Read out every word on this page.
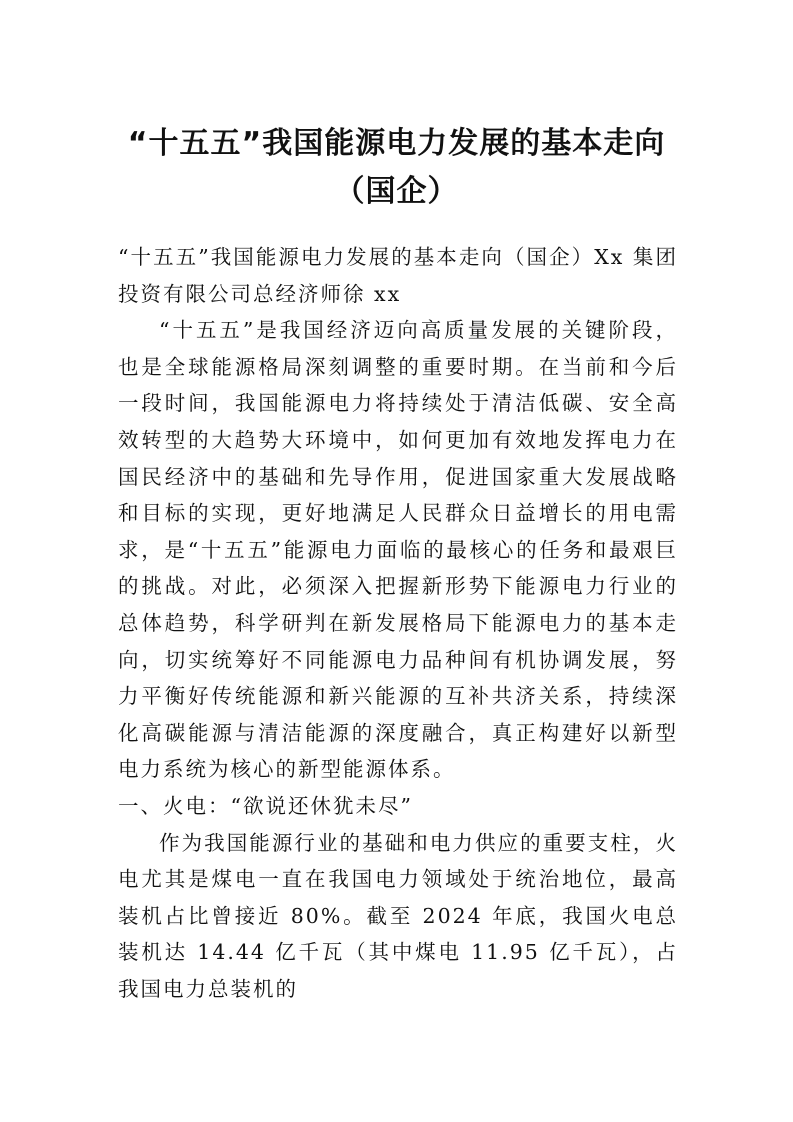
“十五五”我国能源电力发展的基本走向
（国企）

“十五五”我国能源电力发展的基本走向（国企）Xx 集团投资有限公司总经济师徐 xx

“十五五”是我国经济迈向高质量发展的关键阶段，也是全球能源格局深刻调整的重要时期。在当前和今后一段时间，我国能源电力将持续处于清洁低碳、安全高效转型的大趋势大环境中，如何更加有效地发挥电力在国民经济中的基础和先导作用，促进国家重大发展战略和目标的实现，更好地满足人民群众日益增长的用电需求，是“十五五”能源电力面临的最核心的任务和最艰巨的挑战。对此，必须深入把握新形势下能源电力行业的总体趋势，科学研判在新发展格局下能源电力的基本走向，切实统筹好不同能源电力品种间有机协调发展，努力平衡好传统能源和新兴能源的互补共济关系，持续深化高碳能源与清洁能源的深度融合，真正构建好以新型电力系统为核心的新型能源体系。

一、火电：“欲说还休犹未尽”

作为我国能源行业的基础和电力供应的重要支柱，火电尤其是煤电一直在我国电力领域处于统治地位，最高装机占比曾接近 80%。截至 2024 年底，我国火电总装机达 14.44 亿千瓦（其中煤电 11.95 亿千瓦），占我国电力总装机的
